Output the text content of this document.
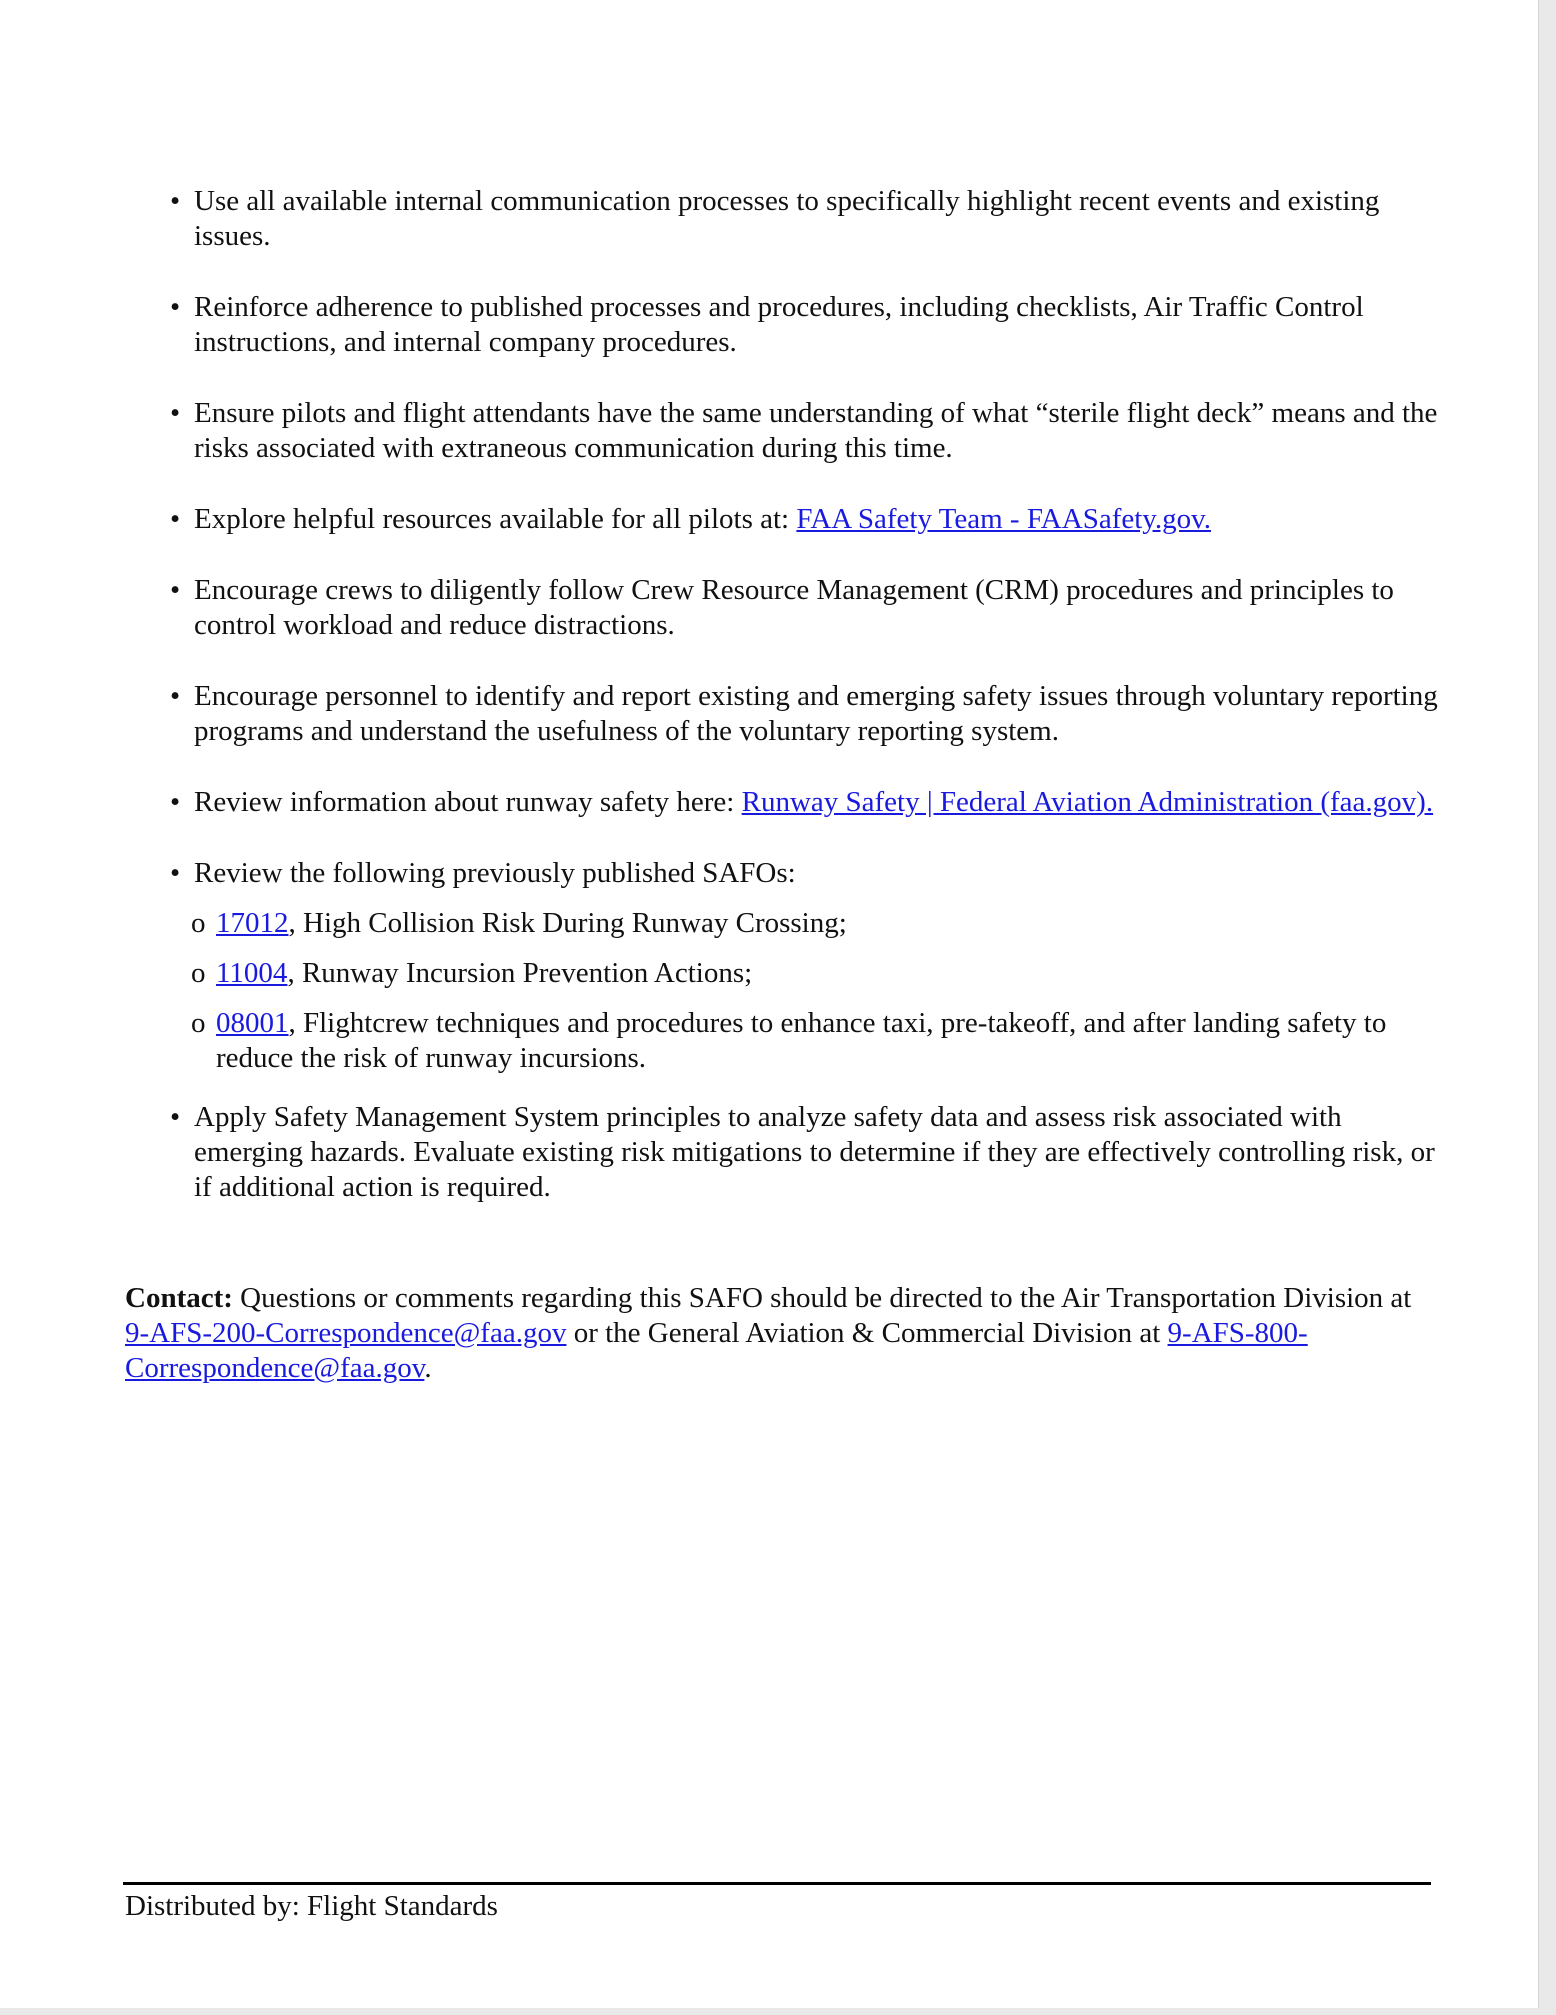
• Use all available internal communication processes to specifically highlight recent events and existing issues.
• Reinforce adherence to published processes and procedures, including checklists, Air Traffic Control instructions, and internal company procedures.
• Ensure pilots and flight attendants have the same understanding of what “sterile flight deck” means and the risks associated with extraneous communication during this time.
• Explore helpful resources available for all pilots at: FAA Safety Team - FAASafety.gov.
• Encourage crews to diligently follow Crew Resource Management (CRM) procedures and principles to control workload and reduce distractions.
• Encourage personnel to identify and report existing and emerging safety issues through voluntary reporting programs and understand the usefulness of the voluntary reporting system.
• Review information about runway safety here: Runway Safety | Federal Aviation Administration (faa.gov).
• Review the following previously published SAFOs:
o 17012, High Collision Risk During Runway Crossing;
o 11004, Runway Incursion Prevention Actions;
o 08001, Flightcrew techniques and procedures to enhance taxi, pre-takeoff, and after landing safety to reduce the risk of runway incursions.
• Apply Safety Management System principles to analyze safety data and assess risk associated with emerging hazards. Evaluate existing risk mitigations to determine if they are effectively controlling risk, or if additional action is required.

Contact: Questions or comments regarding this SAFO should be directed to the Air Transportation Division at 9-AFS-200-Correspondence@faa.gov or the General Aviation & Commercial Division at 9-AFS-800-Correspondence@faa.gov.

Distributed by: Flight Standards
